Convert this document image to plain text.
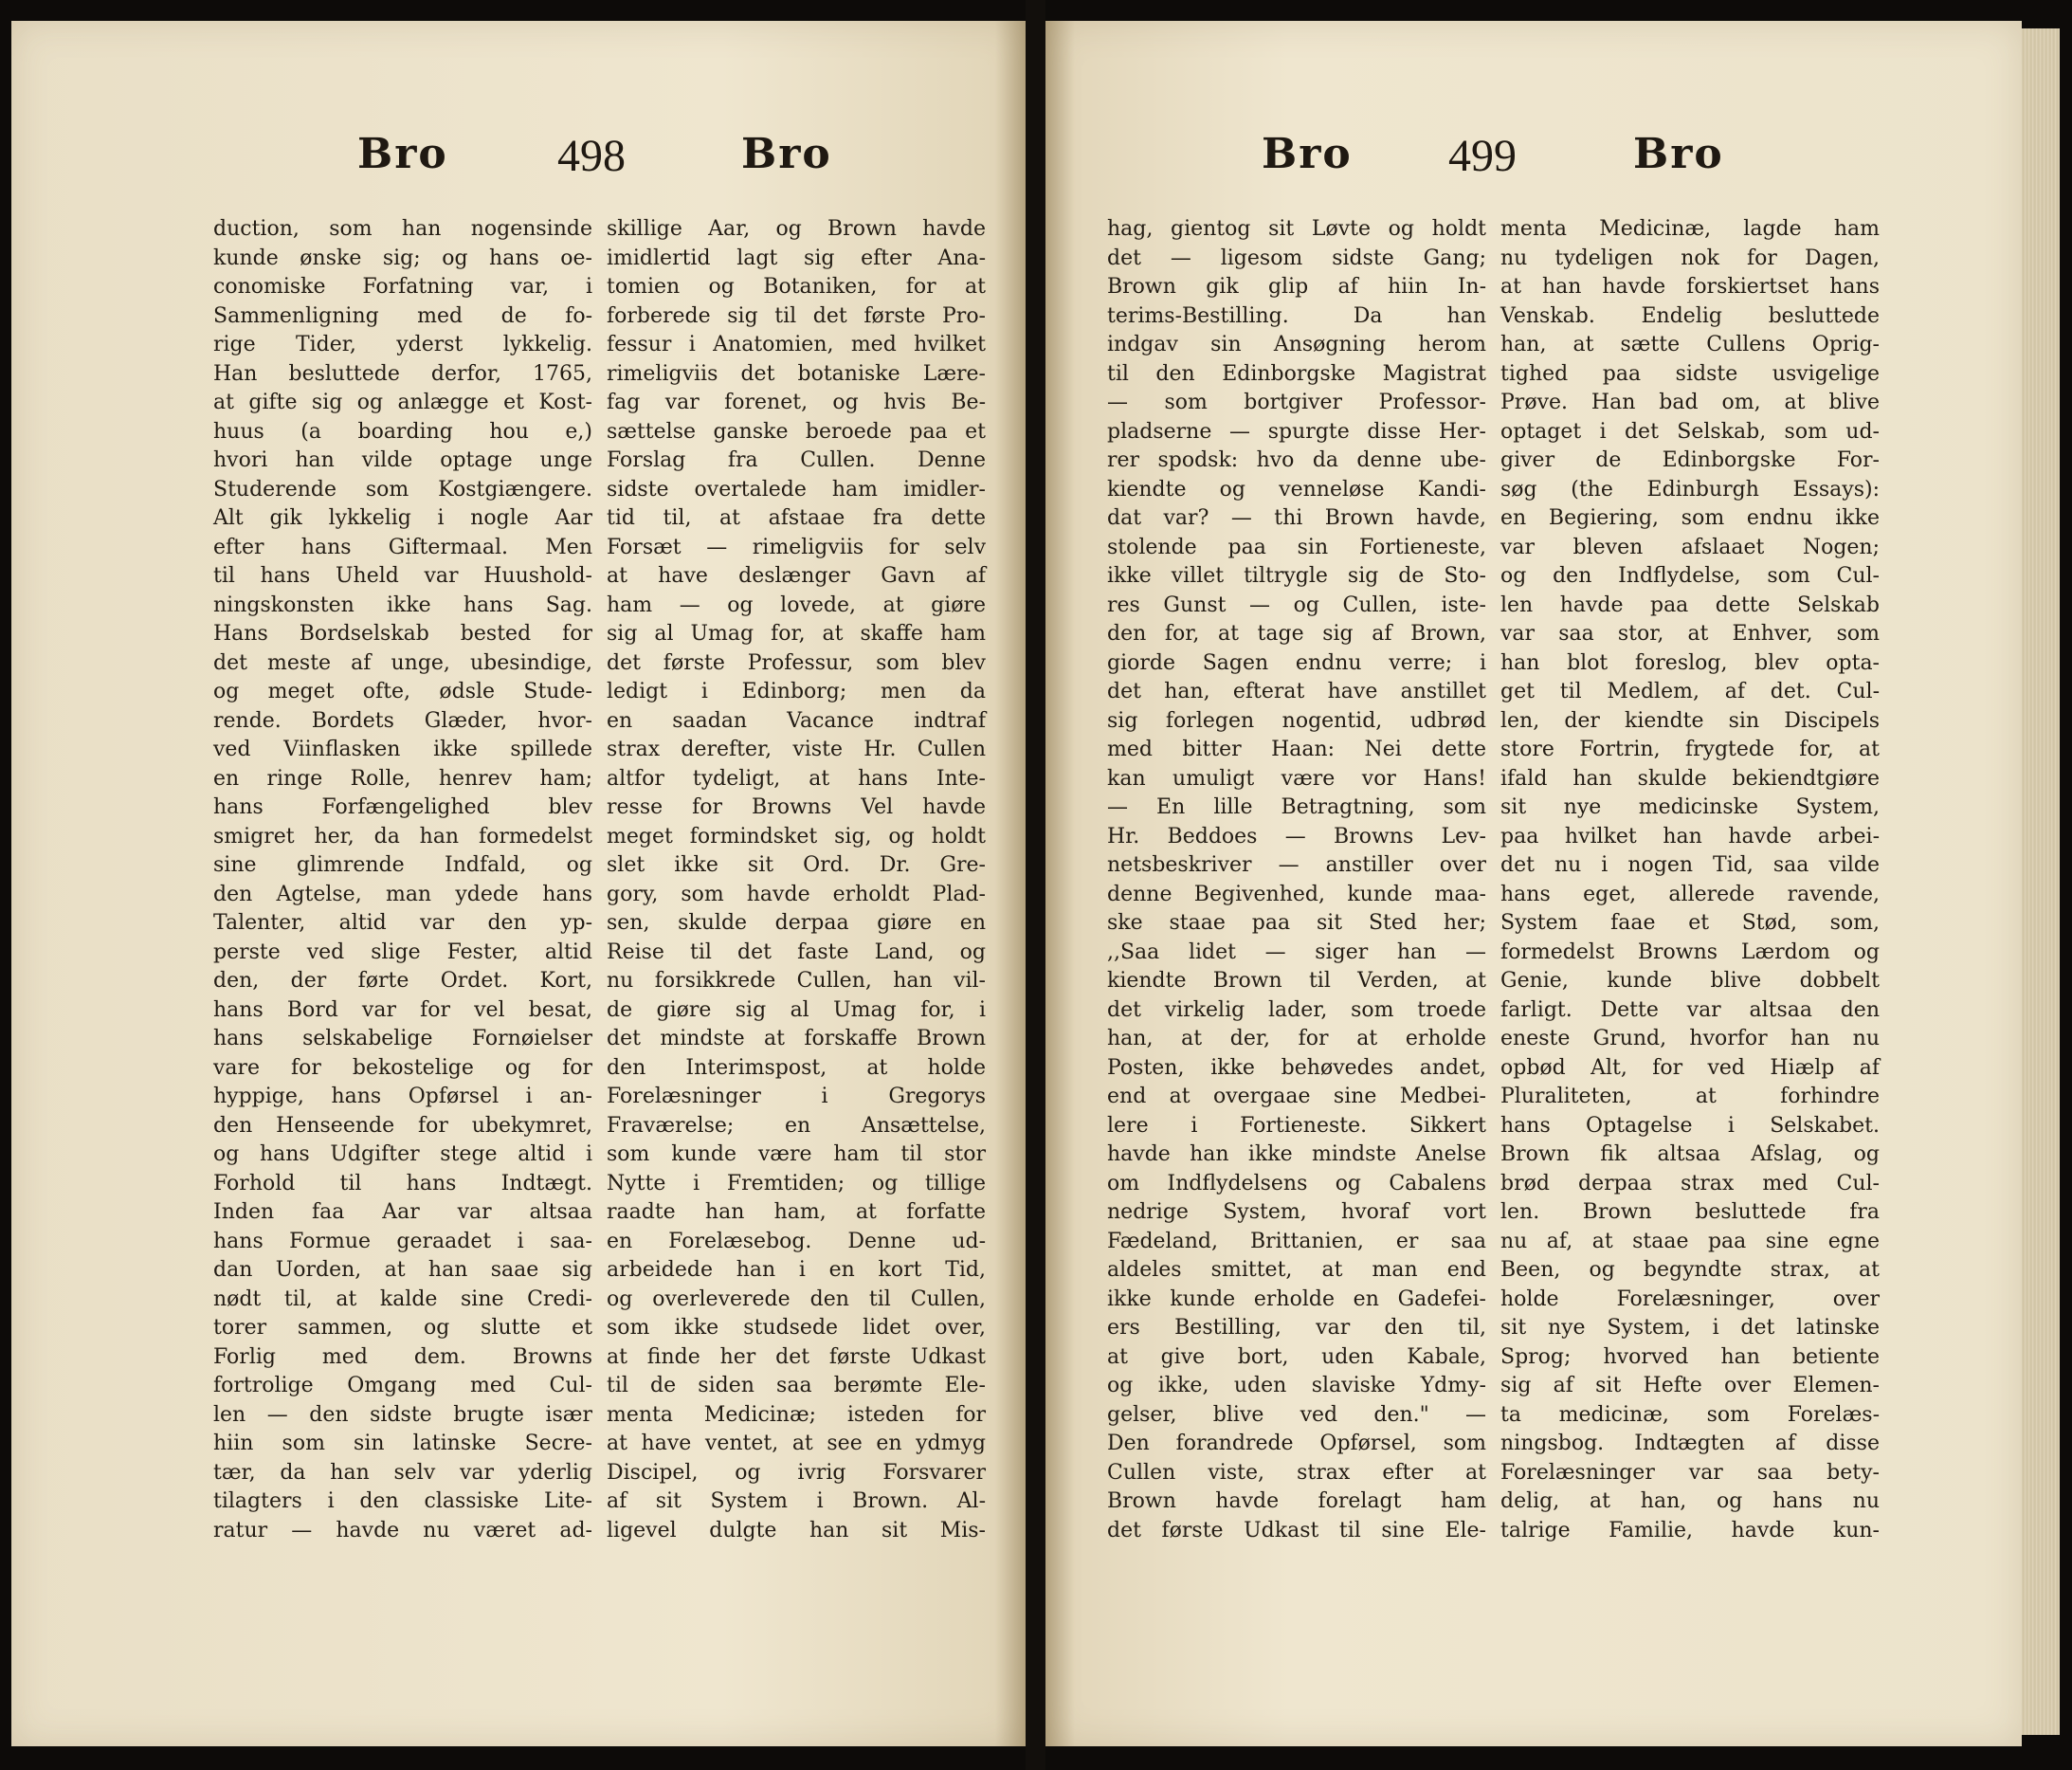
Bro 498	Bro
duction, som han nogensinde
kunde ønske sig; og hans oe-
conomiske Forfatning var, i
Sammenligning med de fo-
rige Tider, yderst lykkelig.
Han besluttede derfor, 1765,
at gifte sig og anlægge et Kost-
huus (a boarding hou e,)
hvori han vilde optage unge
Studerende som Kostgiængere.
Alt gik lykkelig i nogle Aar
efter hans Giftermaal. Men
til hans Uheld var Huushold-
ningskonsten ikke hans Sag.
Hans Bordselskab bested for
det meste af unge, ubesindige,
og meget ofte, ødsle Stude-
rende. Bordets Glæder, hvor-
ved Viinflasken ikke spillede
en ringe Rolle, henrev ham;
hans Forfængelighed blev
smigret her, da han formedelst
sine glimrende Indfald, og
den Agtelse, man ydede hans
Talenter, altid var den yp-
perste ved slige Fester, altid
den, der førte Ordet. Kort,
hans Bord var for vel besat,
hans selskabelige Fornøielser
vare for bekostelige og for
hyppige, hans Opførsel i an-
den Henseende for ubekymret,
og hans Udgifter stege altid i
Forhold til hans Indtægt.
Inden faa Aar var altsaa
hans Formue geraadet i saa-
dan Uorden, at han saae sig
nødt til, at kalde sine Credi-
torer sammen, og slutte et
Forlig med dem. Browns
fortrolige Omgang med Cul-
len — den sidste brugte især
hiin som sin latinske Secre-
tær, da han selv var yderlig
tilagters i den classiske Lite-
ratur — havde nu været ad-
skillige Aar, og Brown havde
imidlertid lagt sig efter Ana-
tomien og Botaniken, for at
forberede sig til det første Pro-
fessur i Anatomien, med hvilket
rimeligviis det botaniske Lære-
fag var forenet, og hvis Be-
sættelse ganske beroede paa et
Forslag fra Cullen. Denne
sidste overtalede ham imidler-
tid til, at afstaae fra dette
Forsæt — rimeligviis for selv
at have deslænger Gavn af
ham — og lovede, at giøre
sig al Umag for, at skaffe ham
det første Professur, som blev
ledigt i Edinborg; men da
en saadan Vacance indtraf
strax derefter, viste Hr. Cullen
altfor tydeligt, at hans Inte-
resse for Browns Vel havde
meget formindsket sig, og holdt
slet ikke sit Ord. Dr. Gre-
gory, som havde erholdt Plad-
sen, skulde derpaa giøre en
Reise til det faste Land, og
nu forsikkrede Cullen, han vil-
de giøre sig al Umag for, i
det mindste at forskaffe Brown
den Interimspost, at holde
Forelæsninger i Gregorys
Fraværelse; en Ansættelse,
som kunde være ham til stor
Nytte i Fremtiden; og tillige
raadte han ham, at forfatte
en Forelæsebog. Denne ud-
arbeidede han i en kort Tid,
og overleverede den til Cullen,
som ikke studsede lidet over,
at finde her det første Udkast
til de siden saa berømte Ele-
menta Medicinæ; isteden for
at have ventet, at see en ydmyg
Discipel, og ivrig Forsvarer
af sit System i Brown. Al-
ligevel dulgte han sit Mis-
Bro 499	Bro
hag, gientog sit Løvte og holdt
det — ligesom sidste Gang;
Brown gik glip af hiin In-
terims-Bestilling. Da han
indgav sin Ansøgning herom
til den Edinborgske Magistrat
— som bortgiver Professor-
pladserne — spurgte disse Her-
rer spodsk: hvo da denne ube-
kiendte og venneløse Kandi-
dat var? — thi Brown havde,
stolende paa sin Fortieneste,
ikke villet tiltrygle sig de Sto-
res Gunst — og Cullen, iste-
den for, at tage sig af Brown,
giorde Sagen endnu verre; i
det han, efterat have anstillet
sig forlegen nogentid, udbrød
med bitter Haan: Nei dette
kan umuligt være vor Hans!
— En lille Betragtning, som
Hr. Beddoes — Browns Lev-
netsbeskriver — anstiller over
denne Begivenhed, kunde maa-
ske staae paa sit Sted her;
,,Saa lidet — siger han —
kiendte Brown til Verden, at
det virkelig lader, som troede
han, at der, for at erholde
Posten, ikke behøvedes andet,
end at overgaae sine Medbei-
lere i Fortieneste. Sikkert
havde han ikke mindste Anelse
om Indflydelsens og Cabalens
nedrige System, hvoraf vort
Fædeland, Brittanien, er saa
aldeles smittet, at man end
ikke kunde erholde en Gadefei-
ers Bestilling, var den til,
at give bort, uden Kabale,
og ikke, uden slaviske Ydmy-
gelser, blive ved den." —
Den forandrede Opførsel, som
Cullen viste, strax efter at
Brown havde forelagt ham
det første Udkast til sine Ele-
menta Medicinæ, lagde ham
nu tydeligen nok for Dagen,
at han havde forskiertset hans
Venskab. Endelig besluttede
han, at sætte Cullens Oprig-
tighed paa sidste usvigelige
Prøve. Han bad om, at blive
optaget i det Selskab, som ud-
giver de Edinborgske For-
søg (the Edinburgh Essays):
en Begiering, som endnu ikke
var bleven afslaaet Nogen;
og den Indflydelse, som Cul-
len havde paa dette Selskab
var saa stor, at Enhver, som
han blot foreslog, blev opta-
get til Medlem, af det. Cul-
len, der kiendte sin Discipels
store Fortrin, frygtede for, at
ifald han skulde bekiendtgiøre
sit nye medicinske System,
paa hvilket han havde arbei-
det nu i nogen Tid, saa vilde
hans eget, allerede ravende,
System faae et Stød, som,
formedelst Browns Lærdom og
Genie, kunde blive dobbelt
farligt. Dette var altsaa den
eneste Grund, hvorfor han nu
opbød Alt, for ved Hiælp af
Pluraliteten, at forhindre
hans Optagelse i Selskabet.
Brown fik altsaa Afslag, og
brød derpaa strax med Cul-
len. Brown besluttede fra
nu af, at staae paa sine egne
Been, og begyndte strax, at
holde Forelæsninger, over
sit nye System, i det latinske
Sprog; hvorved han betiente
sig af sit Hefte over Elemen-
ta medicinæ, som Forelæs-
ningsbog. Indtægten af disse
Forelæsninger var saa bety-
delig, at han, og hans nu
talrige Familie, havde kun-
